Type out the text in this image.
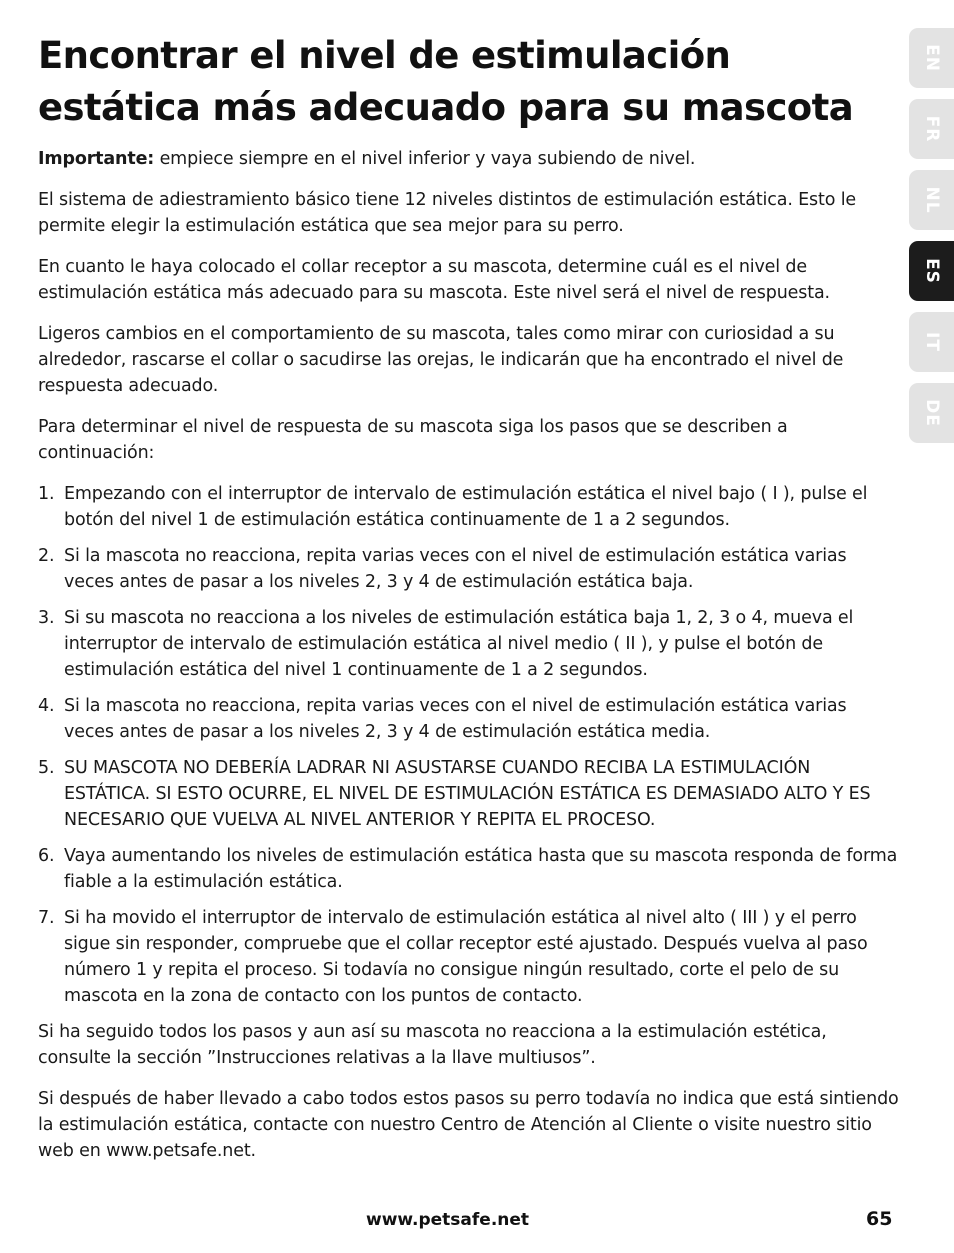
Encontrar el nivel de estimulación estática más adecuado para su mascota

Importante: empiece siempre en el nivel inferior y vaya subiendo de nivel.

El sistema de adiestramiento básico tiene 12 niveles distintos de estimulación estática. Esto le permite elegir la estimulación estática que sea mejor para su perro.

En cuanto le haya colocado el collar receptor a su mascota, determine cuál es el nivel de estimulación estática más adecuado para su mascota. Este nivel será el nivel de respuesta.

Ligeros cambios en el comportamiento de su mascota, tales como mirar con curiosidad a su alrededor, rascarse el collar o sacudirse las orejas, le indicarán que ha encontrado el nivel de respuesta adecuado.

Para determinar el nivel de respuesta de su mascota siga los pasos que se describen a continuación:

1. Empezando con el interruptor de intervalo de estimulación estática el nivel bajo ( I ), pulse el botón del nivel 1 de estimulación estática continuamente de 1 a 2 segundos.
2. Si la mascota no reacciona, repita varias veces con el nivel de estimulación estática varias veces antes de pasar a los niveles 2, 3 y 4 de estimulación estática baja.
3. Si su mascota no reacciona a los niveles de estimulación estática baja 1, 2, 3 o 4, mueva el interruptor de intervalo de estimulación estática al nivel medio ( II ), y pulse el botón de estimulación estática del nivel 1 continuamente de 1 a 2 segundos.
4. Si la mascota no reacciona, repita varias veces con el nivel de estimulación estática varias veces antes de pasar a los niveles 2, 3 y 4 de estimulación estática media.
5. SU MASCOTA NO DEBERÍA LADRAR NI ASUSTARSE CUANDO RECIBA LA ESTIMULACIÓN ESTÁTICA. SI ESTO OCURRE, EL NIVEL DE ESTIMULACIÓN ESTÁTICA ES DEMASIADO ALTO Y ES NECESARIO QUE VUELVA AL NIVEL ANTERIOR Y REPITA EL PROCESO.
6. Vaya aumentando los niveles de estimulación estática hasta que su mascota responda de forma fiable a la estimulación estática.
7. Si ha movido el interruptor de intervalo de estimulación estática al nivel alto ( III ) y el perro sigue sin responder, compruebe que el collar receptor esté ajustado. Después vuelva al paso número 1 y repita el proceso. Si todavía no consigue ningún resultado, corte el pelo de su mascota en la zona de contacto con los puntos de contacto.

Si ha seguido todos los pasos y aun así su mascota no reacciona a la estimulación estética, consulte la sección ”Instrucciones relativas a la llave multiusos”.

Si después de haber llevado a cabo todos estos pasos su perro todavía no indica que está sintiendo la estimulación estática, contacte con nuestro Centro de Atención al Cliente o visite nuestro sitio web en www.petsafe.net.

EN
FR
NL
ES
IT
DE
www.petsafe.net	65
